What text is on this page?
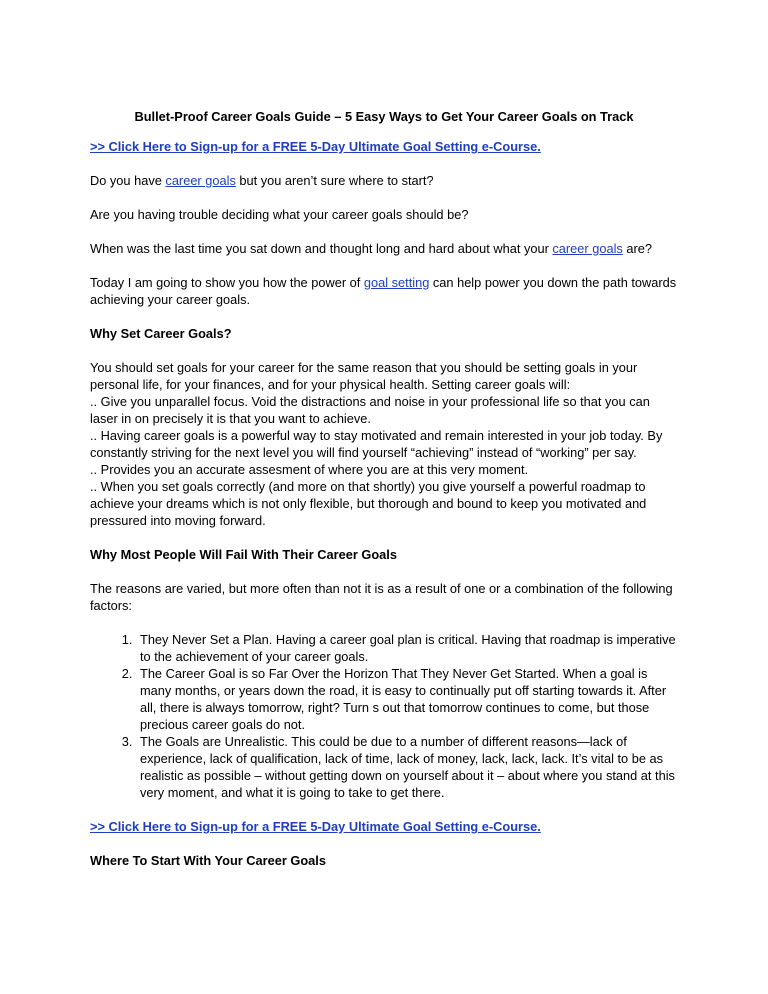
Bullet-Proof Career Goals Guide – 5 Easy Ways to Get Your Career Goals on Track

>> Click Here to Sign-up for a FREE 5-Day Ultimate Goal Setting e-Course.

Do you have career goals but you aren’t sure where to start?

Are you having trouble deciding what your career goals should be?

When was the last time you sat down and thought long and hard about what your career goals are?

Today I am going to show you how the power of goal setting can help power you down the path towards achieving your career goals.

Why Set Career Goals?

You should set goals for your career for the same reason that you should be setting goals in your personal life, for your finances, and for your physical health. Setting career goals will:
.. Give you unparallel focus. Void the distractions and noise in your professional life so that you can laser in on precisely it is that you want to achieve.
.. Having career goals is a powerful way to stay motivated and remain interested in your job today. By constantly striving for the next level you will find yourself “achieving” instead of “working” per say.
.. Provides you an accurate assesment of where you are at this very moment.
.. When you set goals correctly (and more on that shortly) you give yourself a powerful roadmap to achieve your dreams which is not only flexible, but thorough and bound to keep you motivated and pressured into moving forward.

Why Most People Will Fail With Their Career Goals

The reasons are varied, but more often than not it is as a result of one or a combination of the following factors:

1. They Never Set a Plan. Having a career goal plan is critical. Having that roadmap is imperative to the achievement of your career goals.
2. The Career Goal is so Far Over the Horizon That They Never Get Started. When a goal is many months, or years down the road, it is easy to continually put off starting towards it. After all, there is always tomorrow, right? Turn s out that tomorrow continues to come, but those precious career goals do not.
3. The Goals are Unrealistic. This could be due to a number of different reasons—lack of experience, lack of qualification, lack of time, lack of money, lack, lack, lack. It’s vital to be as realistic as possible – without getting down on yourself about it – about where you stand at this very moment, and what it is going to take to get there.

>> Click Here to Sign-up for a FREE 5-Day Ultimate Goal Setting e-Course.

Where To Start With Your Career Goals
